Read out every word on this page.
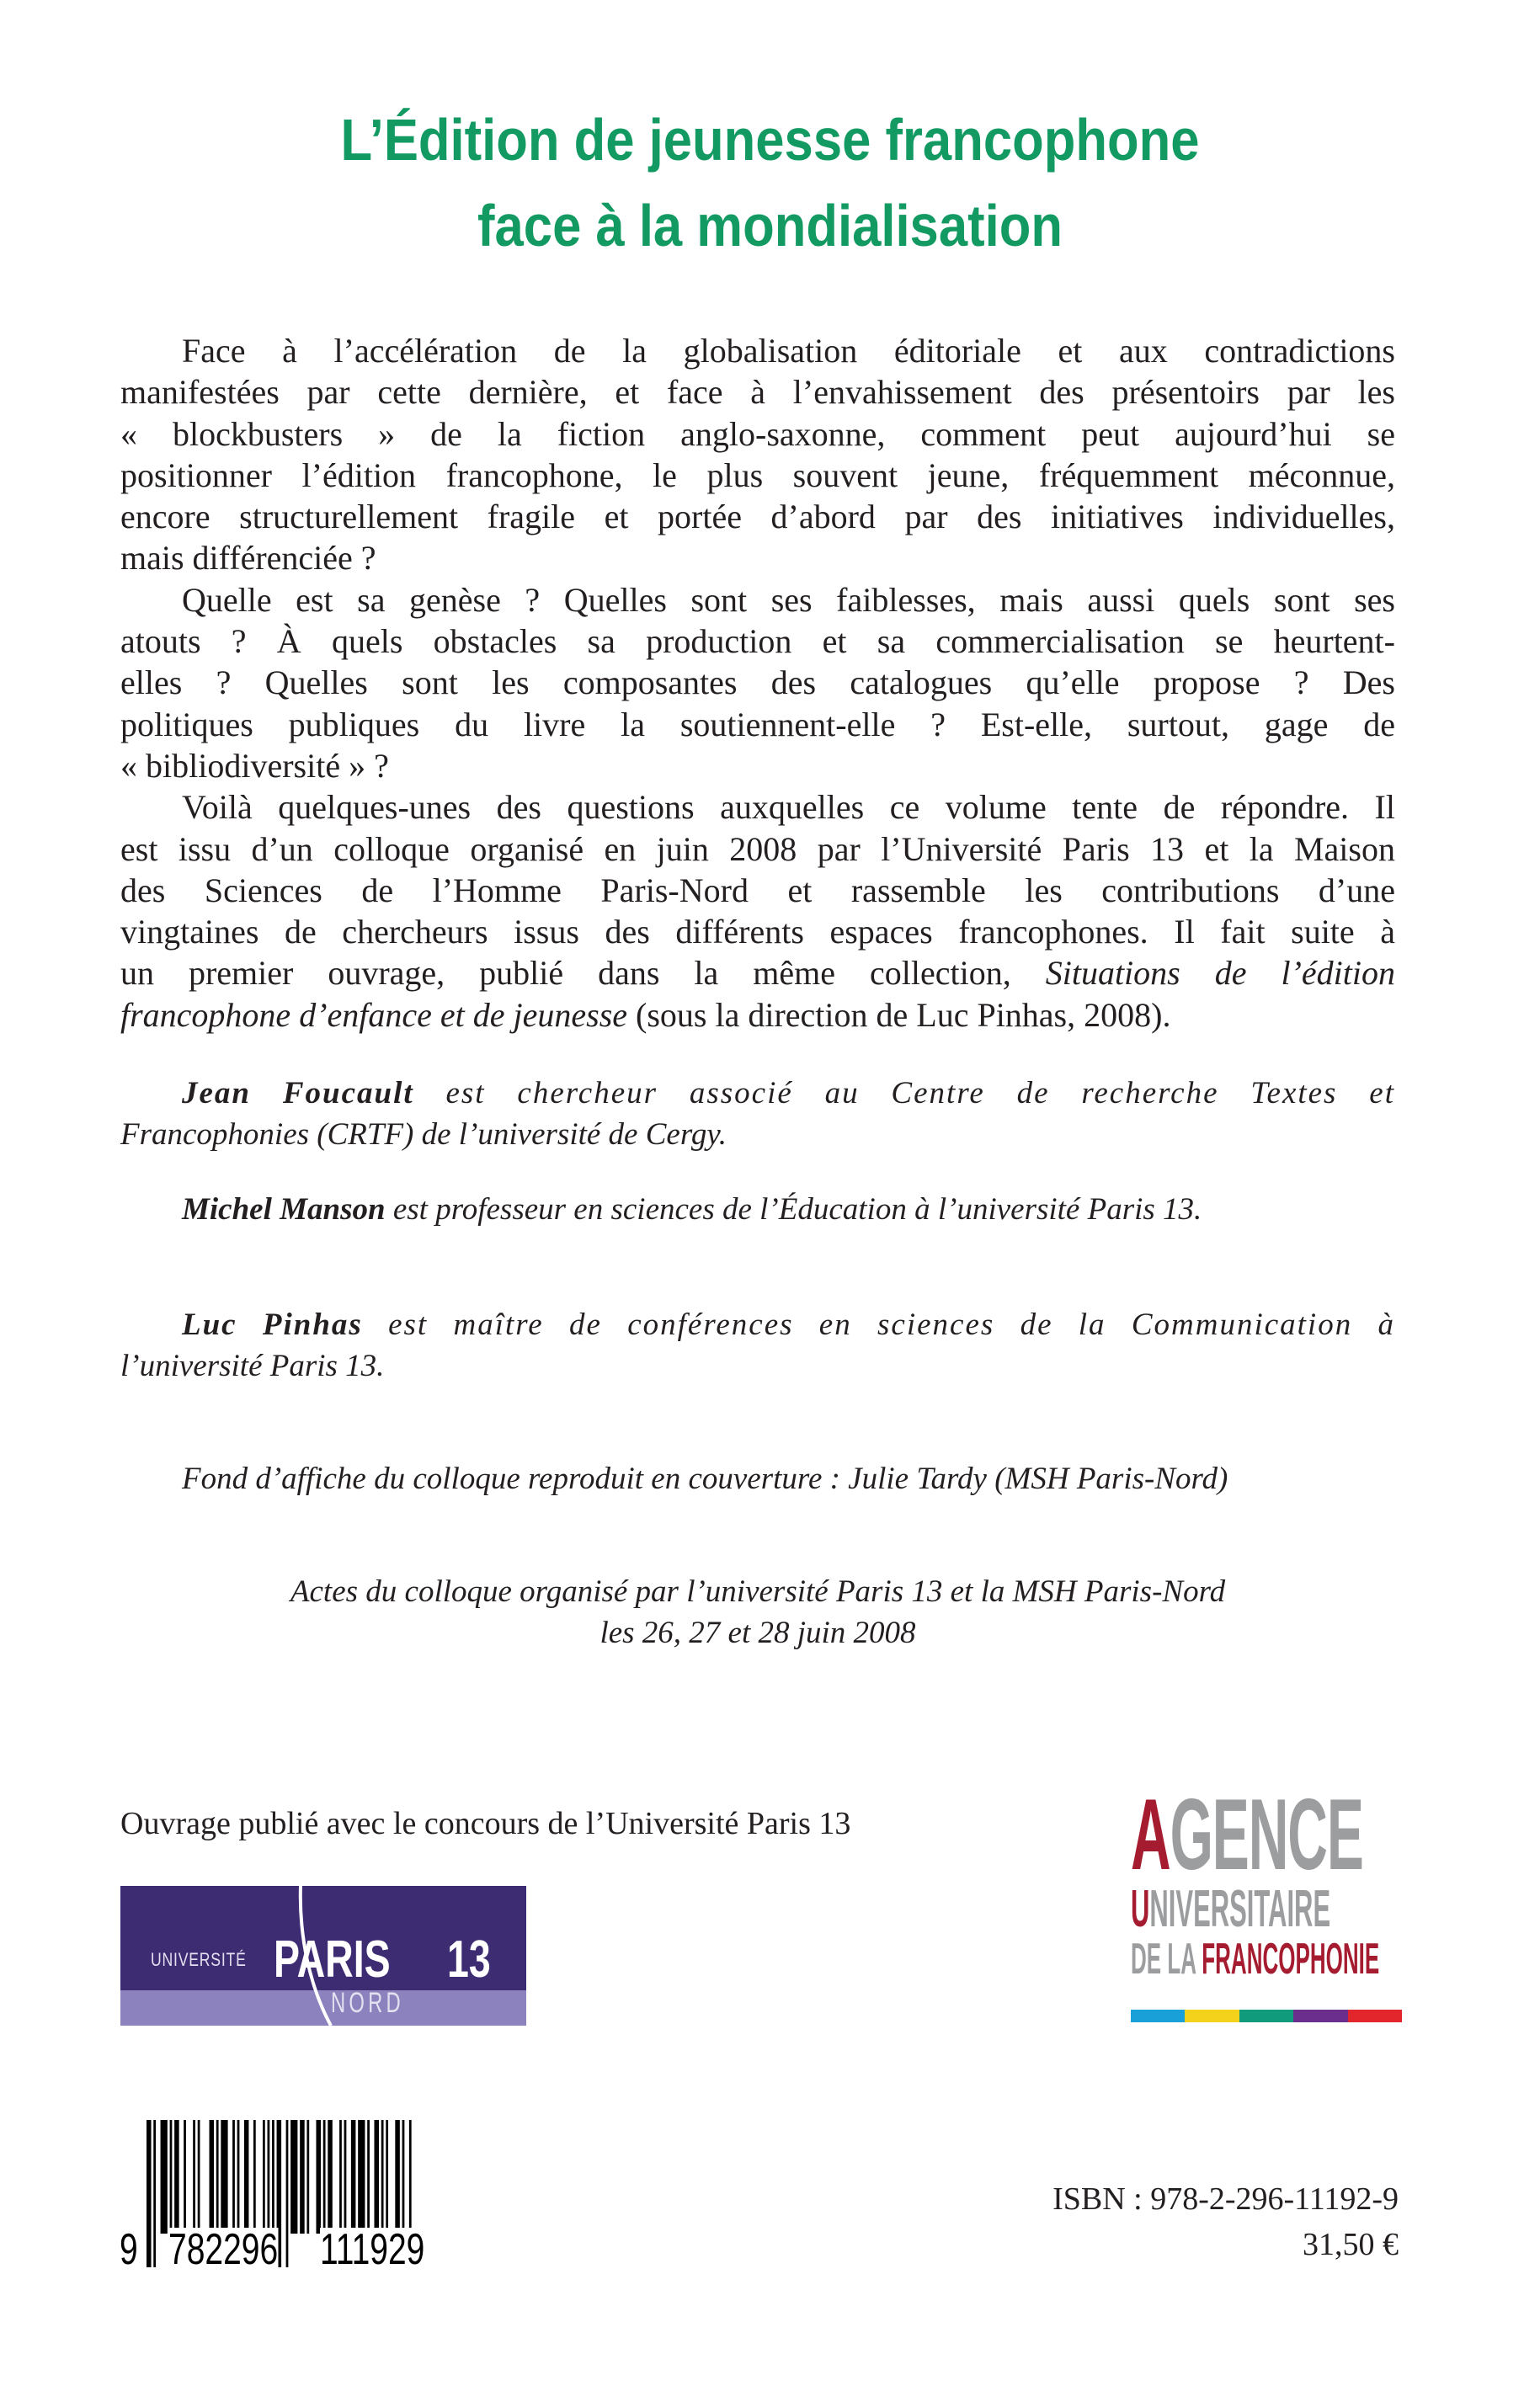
L’Édition de jeunesse francophone
face à la mondialisation
Face à l’accélération de la globalisation éditoriale et aux contradictions
manifestées par cette dernière, et face à l’envahissement des présentoirs par les
« blockbusters » de la fiction anglo-saxonne, comment peut aujourd’hui se
positionner l’édition francophone, le plus souvent jeune, fréquemment méconnue,
encore structurellement fragile et portée d’abord par des initiatives individuelles,
mais différenciée ?
Quelle est sa genèse ? Quelles sont ses faiblesses, mais aussi quels sont ses
atouts ? À quels obstacles sa production et sa commercialisation se heurtent-
elles ? Quelles sont les composantes des catalogues qu’elle propose ? Des
politiques publiques du livre la soutiennent-elle ? Est-elle, surtout, gage de
« bibliodiversité » ?
Voilà quelques-unes des questions auxquelles ce volume tente de répondre. Il
est issu d’un colloque organisé en juin 2008 par l’Université Paris 13 et la Maison
des Sciences de l’Homme Paris-Nord et rassemble les contributions d’une
vingtaines de chercheurs issus des différents espaces francophones. Il fait suite à
un premier ouvrage, publié dans la même collection, Situations de l’édition
francophone d’enfance et de jeunesse (sous la direction de Luc Pinhas, 2008).
Jean Foucault est chercheur associé au Centre de recherche Textes et
Francophonies (CRTF) de l’université de Cergy.
Michel Manson est professeur en sciences de l’Éducation à l’université Paris 13.
Luc Pinhas est maître de conférences en sciences de la Communication à
l’université Paris 13.
Fond d’affiche du colloque reproduit en couverture : Julie Tardy (MSH Paris-Nord)
Actes du colloque organisé par l’université Paris 13 et la MSH Paris-Nord
les 26, 27 et 28 juin 2008
Ouvrage publié avec le concours de l’Université Paris 13
UNIVERSITÉ PARIS 13
NORD
AGENCE
UNIVERSITAIRE
DE LA FRANCOPHONIE
9 782296 111929
ISBN : 978-2-296-11192-9
31,50 €
